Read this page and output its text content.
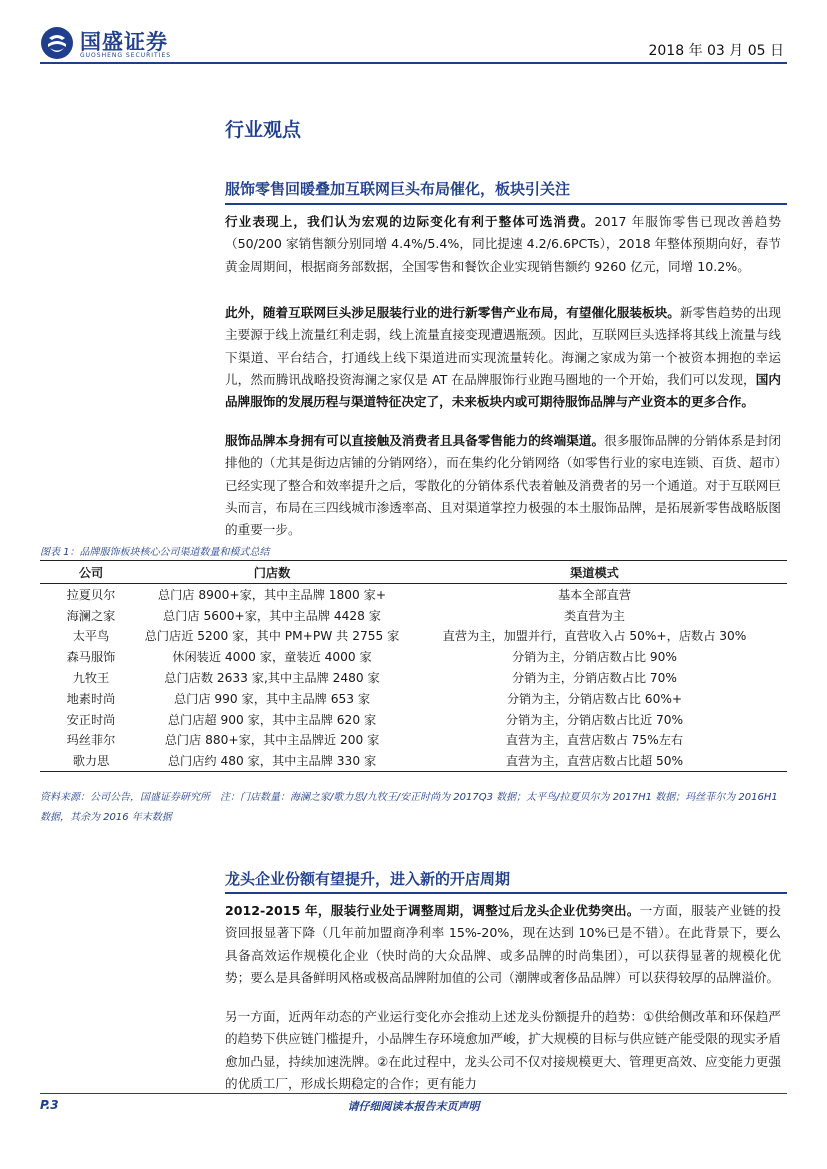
国盛证券
GUOSHENG SECURITIES	2018 年 03 月 05 日
行业观点
服饰零售回暖叠加互联网巨头布局催化，板块引关注
行业表现上，我们认为宏观的边际变化有利于整体可选消费。2017 年服饰零售已现改善趋势（50/200 家销售额分别同增 4.4%/5.4%，同比提速 4.2/6.6PCTs），2018 年整体预期向好，春节黄金周期间，根据商务部数据，全国零售和餐饮企业实现销售额约 9260 亿元，同增 10.2%。
此外，随着互联网巨头涉足服装行业的进行新零售产业布局，有望催化服装板块。新零售趋势的出现主要源于线上流量红利走弱，线上流量直接变现遭遇瓶颈。因此，互联网巨头选择将其线上流量与线下渠道、平台结合，打通线上线下渠道进而实现流量转化。海澜之家成为第一个被资本拥抱的幸运儿，然而腾讯战略投资海澜之家仅是 AT 在品牌服饰行业跑马圈地的一个开始，我们可以发现，国内品牌服饰的发展历程与渠道特征决定了，未来板块内或可期待服饰品牌与产业资本的更多合作。
服饰品牌本身拥有可以直接触及消费者且具备零售能力的终端渠道。很多服饰品牌的分销体系是封闭排他的（尤其是街边店铺的分销网络），而在集约化分销网络（如零售行业的家电连锁、百货、超市）已经实现了整合和效率提升之后，零散化的分销体系代表着触及消费者的另一个通道。对于互联网巨头而言，布局在三四线城市渗透率高、且对渠道掌控力极强的本土服饰品牌，是拓展新零售战略版图的重要一步。
图表 1：品牌服饰板块核心公司渠道数量和模式总结
公司	门店数	渠道模式
拉夏贝尔	总门店 8900+家，其中主品牌 1800 家+	基本全部直营
海澜之家	总门店 5600+家，其中主品牌 4428 家	类直营为主
太平鸟	总门店近 5200 家，其中 PM+PW 共 2755 家	直营为主，加盟并行，直营收入占 50%+，店数占 30%
森马服饰	休闲装近 4000 家，童装近 4000 家	分销为主，分销店数占比 90%
九牧王	总门店数 2633 家,其中主品牌 2480 家	分销为主，分销店数占比 70%
地素时尚	总门店 990 家，其中主品牌 653 家	分销为主，分销店数占比 60%+
安正时尚	总门店超 900 家，其中主品牌 620 家	分销为主，分销店数占比近 70%
玛丝菲尔	总门店 880+家，其中主品牌近 200 家	直营为主，直营店数占 75%左右
歌力思	总门店约 480 家，其中主品牌 330 家	直营为主，直营店数占比超 50%
资料来源：公司公告，国盛证券研究所　注：门店数量：海澜之家/歌力思/九牧王/安正时尚为 2017Q3 数据；太平鸟/拉夏贝尔为 2017H1 数据；玛丝菲尔为 2016H1 数据，其余为 2016 年末数据
龙头企业份额有望提升，进入新的开店周期
2012-2015 年，服装行业处于调整周期，调整过后龙头企业优势突出。一方面，服装产业链的投资回报显著下降（几年前加盟商净利率 15%-20%，现在达到 10%已是不错）。在此背景下，要么具备高效运作规模化企业（快时尚的大众品牌、或多品牌的时尚集团），可以获得显著的规模化优势；要么是具备鲜明风格或极高品牌附加值的公司（潮牌或奢侈品品牌）可以获得较厚的品牌溢价。
另一方面，近两年动态的产业运行变化亦会推动上述龙头份额提升的趋势：①供给侧改革和环保趋严的趋势下供应链门槛提升，小品牌生存环境愈加严峻，扩大规模的目标与供应链产能受限的现实矛盾愈加凸显，持续加速洗牌。②在此过程中，龙头公司不仅对接规模更大、管理更高效、应变能力更强的优质工厂，形成长期稳定的合作；更有能力
请仔细阅读本报告末页声明
P.3
